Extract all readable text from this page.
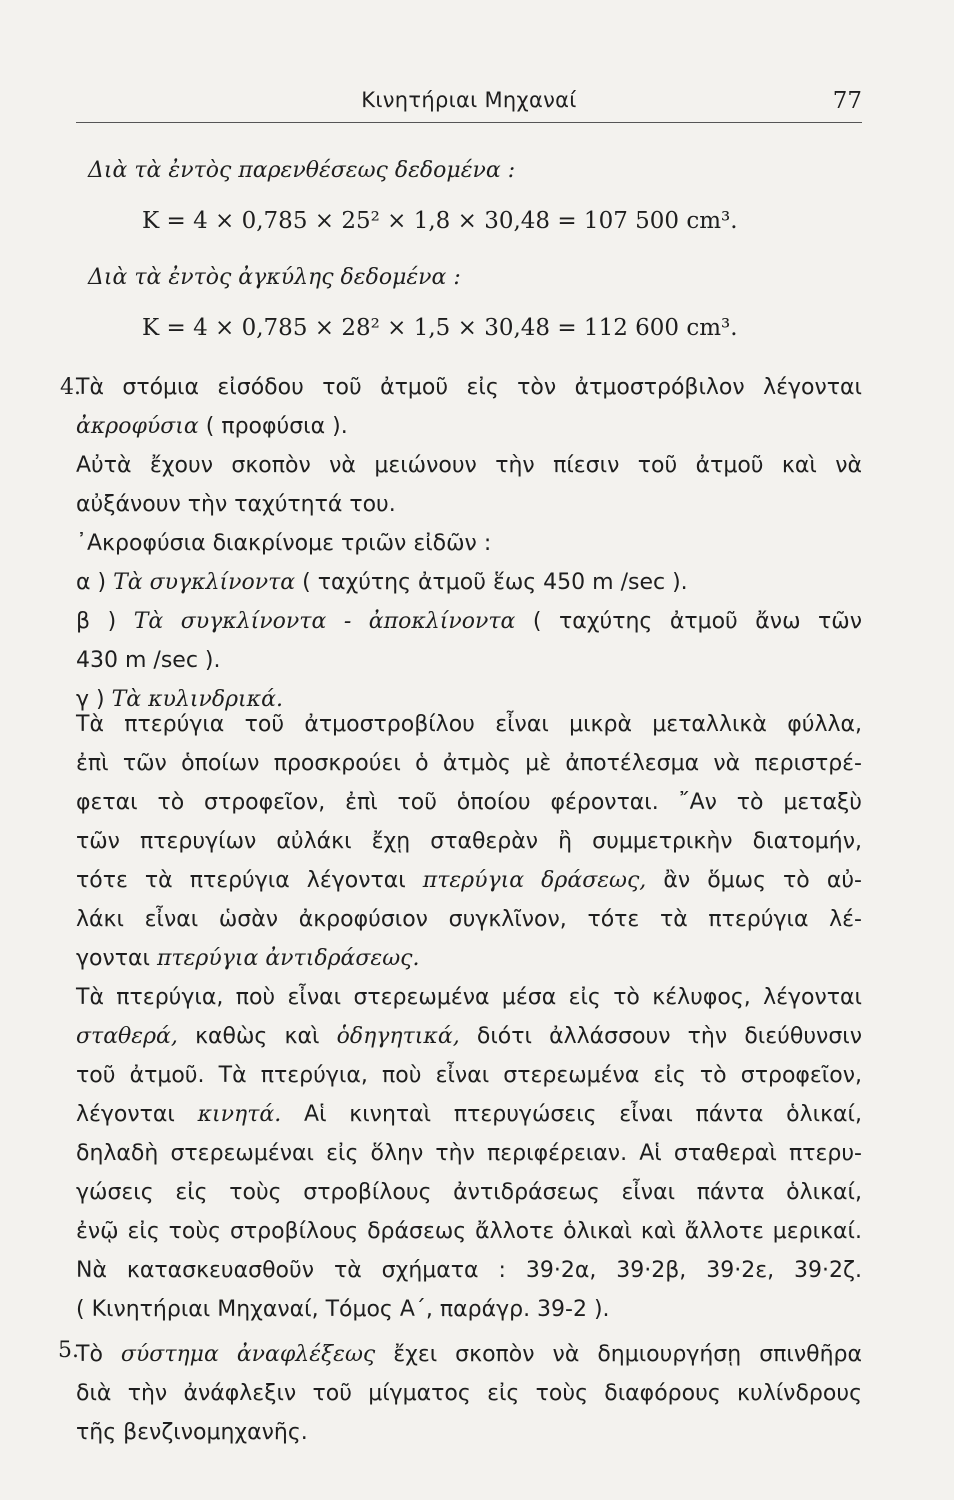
Κινητήριαι Μηχαναί	77
Διὰ τὰ ἐντὸς παρενθέσεως δεδομένα :
K = 4 × 0,785 × 25² × 1,8 × 30,48 = 107 500 cm³.
Διὰ τὰ ἐντὸς ἀγκύλης δεδομένα :
K = 4 × 0,785 × 28² × 1,5 × 30,48 = 112 600 cm³.
4.
Τὰ στόμια εἰσόδου τοῦ ἀτμοῦ εἰς τὸν ἀτμοστρόβιλον λέγονται
ἀκροφύσια ( προφύσια ).
Αὐτὰ ἔχουν σκοπὸν νὰ μειώνουν τὴν πίεσιν τοῦ ἀτμοῦ καὶ νὰ
αὐξάνουν τὴν ταχύτητά του.
᾿Ακροφύσια διακρίνομε τριῶν εἰδῶν :
α ) Τὰ συγκλίνοντα ( ταχύτης ἀτμοῦ ἕως 450 m /sec ).
β ) Τὰ συγκλίνοντα - ἀποκλίνοντα ( ταχύτης ἀτμοῦ ἄνω τῶν
430 m /sec ).
γ ) Τὰ κυλινδρικά.
Τὰ πτερύγια τοῦ ἀτμοστροβίλου εἶναι μικρὰ μεταλλικὰ φύλλα,
ἐπὶ τῶν ὁποίων προσκρούει ὁ ἀτμὸς μὲ ἀποτέλεσμα νὰ περιστρέ-
φεται τὸ στροφεῖον, ἐπὶ τοῦ ὁποίου φέρονται. ῎Αν τὸ μεταξὺ
τῶν πτερυγίων αὐλάκι ἔχῃ σταθερὰν ἢ συμμετρικὴν διατομήν,
τότε τὰ πτερύγια λέγονται πτερύγια δράσεως, ἂν ὅμως τὸ αὐ-
λάκι εἶναι ὡσὰν ἀκροφύσιον συγκλῖνον, τότε τὰ πτερύγια λέ-
γονται πτερύγια ἀντιδράσεως.
Τὰ πτερύγια, ποὺ εἶναι στερεωμένα μέσα εἰς τὸ κέλυφος, λέγονται
σταθερά, καθὼς καὶ ὁδηγητικά, διότι ἀλλάσσουν τὴν διεύθυνσιν
τοῦ ἀτμοῦ. Τὰ πτερύγια, ποὺ εἶναι στερεωμένα εἰς τὸ στροφεῖον,
λέγονται κινητά. Αἱ κινηταὶ πτερυγώσεις εἶναι πάντα ὁλικαί,
δηλαδὴ στερεωμέναι εἰς ὅλην τὴν περιφέρειαν. Αἱ σταθεραὶ πτερυ-
γώσεις εἰς τοὺς στροβίλους ἀντιδράσεως εἶναι πάντα ὁλικαί,
ἐνῷ εἰς τοὺς στροβίλους δράσεως ἄλλοτε ὁλικαὶ καὶ ἄλλοτε μερικαί.
Νὰ κατασκευασθοῦν τὰ σχήματα : 39·2α, 39·2β, 39·2ε, 39·2ζ.
( Κινητήριαι Μηχαναί, Τόμος Α΄, παράγρ. 39-2 ).
5.
Τὸ σύστημα ἀναφλέξεως ἔχει σκοπὸν νὰ δημιουργήσῃ σπινθῆρα
διὰ τὴν ἀνάφλεξιν τοῦ μίγματος εἰς τοὺς διαφόρους κυλίνδρους
τῆς βενζινομηχανῆς.
